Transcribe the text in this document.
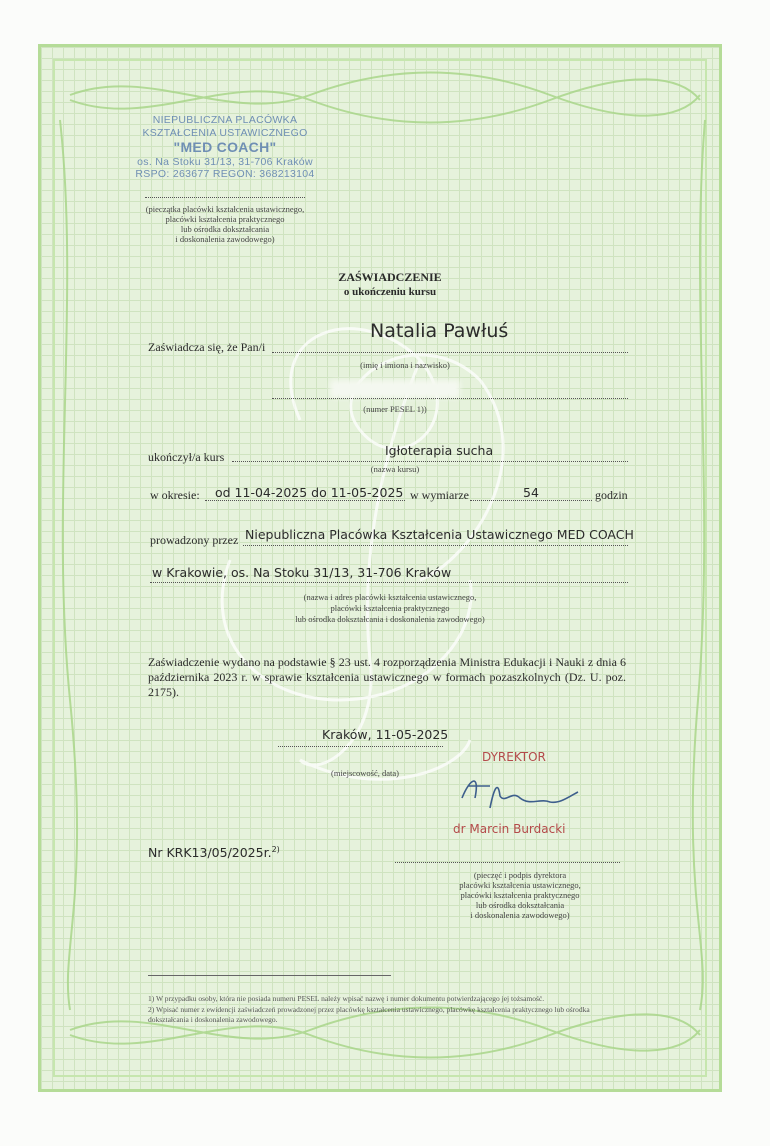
NIEPUBLICZNA PLACÓWKA
KSZTAŁCENIA USTAWICZNEGO
"MED COACH"
os. Na Stoku 31/13, 31-706 Kraków
RSPO: 263677 REGON: 368213104
(pieczątka placówki kształcenia ustawicznego,
placówki kształcenia praktycznego
lub ośrodka dokształcania
i doskonalenia zawodowego)
ZAŚWIADCZENIE
o ukończeniu kursu
Zaświadcza się, że Pan/i
Natalia Pawłuś
(imię i imiona i nazwisko)
(numer PESEL 1))
ukończył/a kurs	Igłoterapia sucha
(nazwa kursu)
w okresie: od 11-04-2025 do 11-05-2025 w wymiarze	54	godzin
prowadzony przez Niepubliczna Placówka Kształcenia Ustawicznego MED COACH
w Krakowie, os. Na Stoku 31/13, 31-706 Kraków
(nazwa i adres placówki kształcenia ustawicznego,
placówki kształcenia praktycznego
lub ośrodka dokształcania i doskonalenia zawodowego)
Zaświadczenie wydano na podstawie § 23 ust. 4 rozporządzenia Ministra Edukacji i Nauki z dnia 6 października 2023 r. w sprawie kształcenia ustawicznego w formach pozaszkolnych (Dz. U. poz. 2175).
Kraków, 11-05-2025
(miejscowość, data)
DYREKTOR
dr Marcin Burdacki
Nr KRK13/05/2025r.$^{2)}$
(pieczęć i podpis dyrektora
placówki kształcenia ustawicznego,
placówki kształcenia praktycznego
lub ośrodka dokształcania
i doskonalenia zawodowego)
1) W przypadku osoby, która nie posiada numeru PESEL należy wpisać nazwę i numer dokumentu potwierdzającego jej tożsamość.
2) Wpisać numer z ewidencji zaświadczeń prowadzonej przez placówkę kształcenia ustawicznego, placówkę kształcenia praktycznego lub ośrodka dokształcania i doskonalenia zawodowego.
